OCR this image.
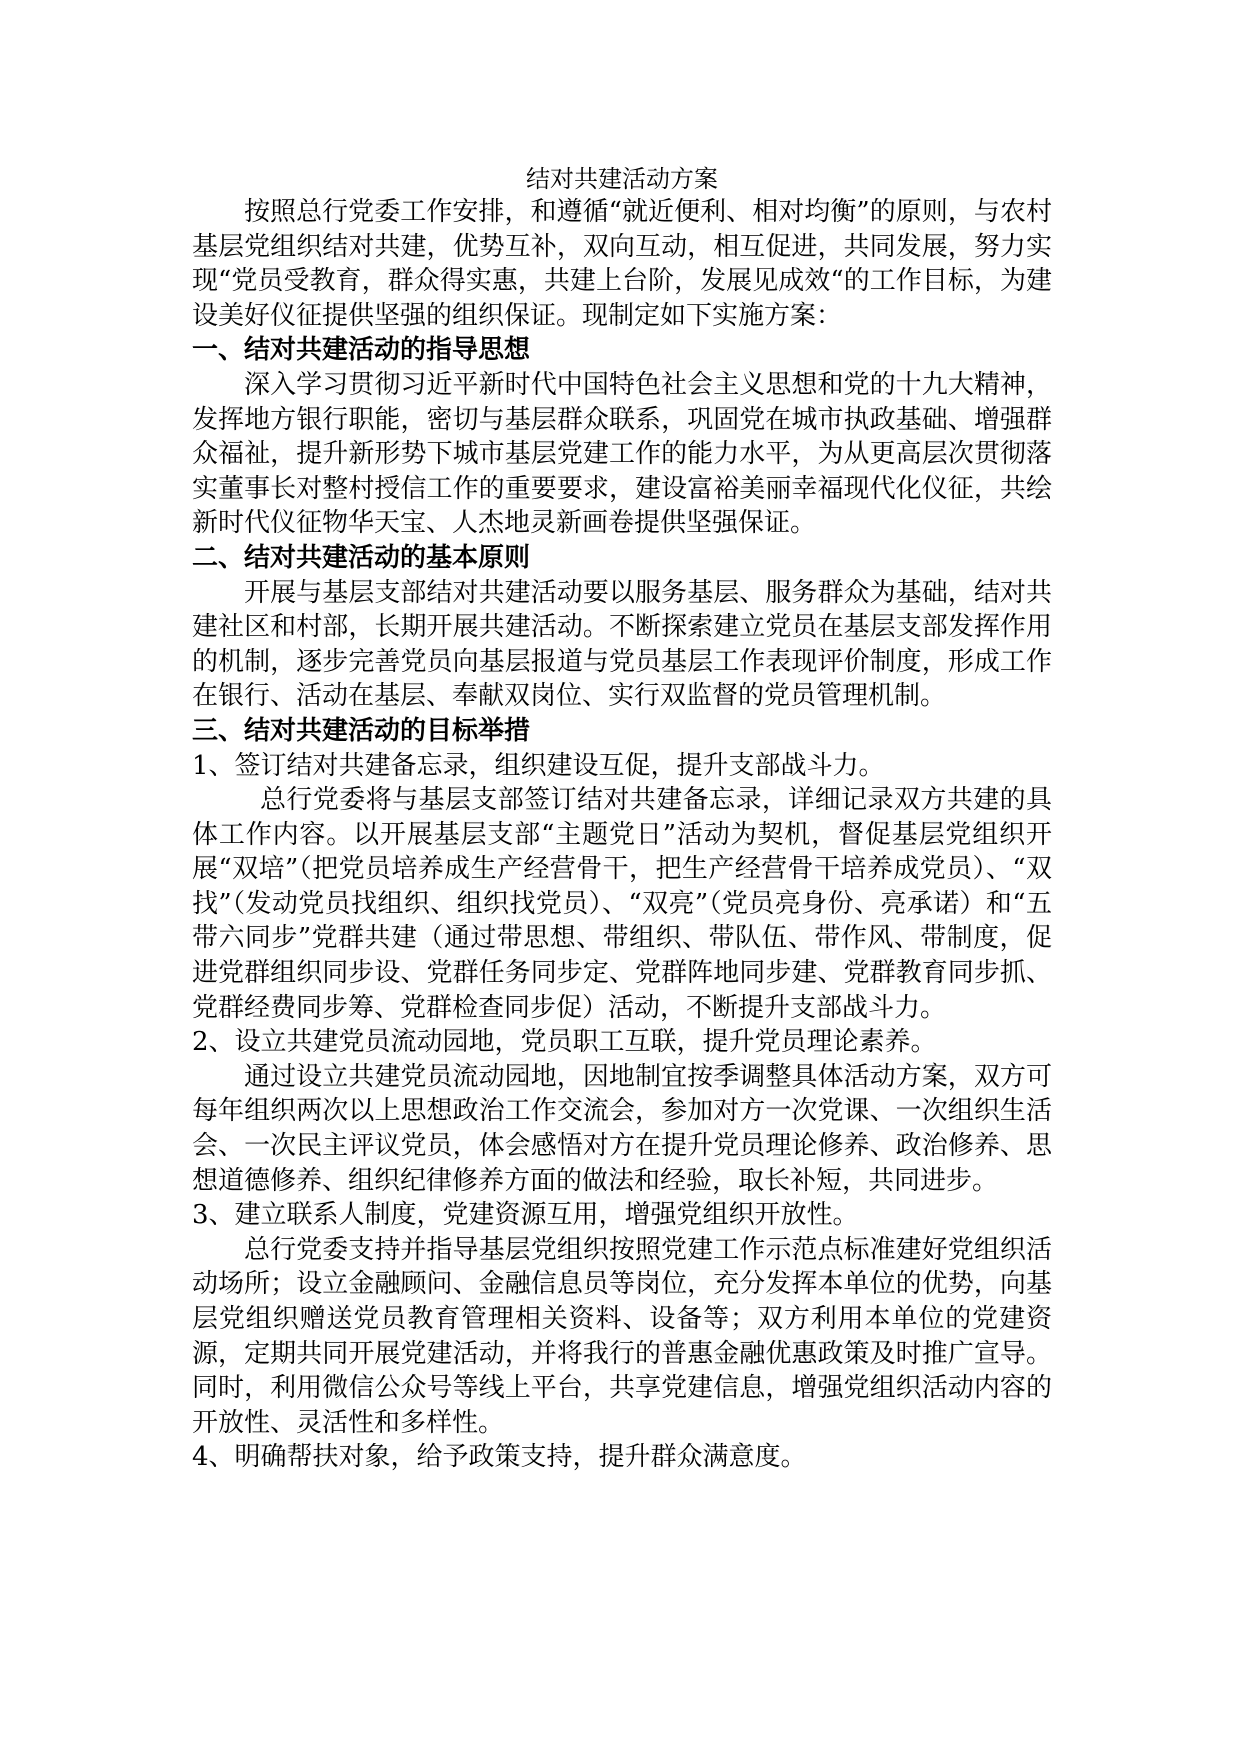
结对共建活动方案

按照总行党委工作安排，和遵循“就近便利、相对均衡”的原则，与农村基层党组织结对共建，优势互补，双向互动，相互促进，共同发展，努力实现“党员受教育，群众得实惠，共建上台阶，发展见成效“的工作目标，为建设美好仪征提供坚强的组织保证。现制定如下实施方案：

一、结对共建活动的指导思想

深入学习贯彻习近平新时代中国特色社会主义思想和党的十九大精神，发挥地方银行职能，密切与基层群众联系，巩固党在城市执政基础、增强群众福祉，提升新形势下城市基层党建工作的能力水平，为从更高层次贯彻落实董事长对整村授信工作的重要要求，建设富裕美丽幸福现代化仪征，共绘新时代仪征物华天宝、人杰地灵新画卷提供坚强保证。

二、结对共建活动的基本原则

开展与基层支部结对共建活动要以服务基层、服务群众为基础，结对共建社区和村部，长期开展共建活动。不断探索建立党员在基层支部发挥作用的机制，逐步完善党员向基层报道与党员基层工作表现评价制度，形成工作在银行、活动在基层、奉献双岗位、实行双监督的党员管理机制。

三、结对共建活动的目标举措

1、签订结对共建备忘录，组织建设互促，提升支部战斗力。

总行党委将与基层支部签订结对共建备忘录，详细记录双方共建的具体工作内容。以开展基层支部“主题党日”活动为契机，督促基层党组织开展“双培”（把党员培养成生产经营骨干，把生产经营骨干培养成党员）、“双找”（发动党员找组织、组织找党员）、“双亮”（党员亮身份、亮承诺）和“五带六同步”党群共建（通过带思想、带组织、带队伍、带作风、带制度，促进党群组织同步设、党群任务同步定、党群阵地同步建、党群教育同步抓、党群经费同步筹、党群检查同步促）活动，不断提升支部战斗力。

2、设立共建党员流动园地，党员职工互联，提升党员理论素养。

通过设立共建党员流动园地，因地制宜按季调整具体活动方案，双方可每年组织两次以上思想政治工作交流会，参加对方一次党课、一次组织生活会、一次民主评议党员，体会感悟对方在提升党员理论修养、政治修养、思想道德修养、组织纪律修养方面的做法和经验，取长补短，共同进步。

3、建立联系人制度，党建资源互用，增强党组织开放性。

总行党委支持并指导基层党组织按照党建工作示范点标准建好党组织活动场所；设立金融顾问、金融信息员等岗位，充分发挥本单位的优势，向基层党组织赠送党员教育管理相关资料、设备等；双方利用本单位的党建资源，定期共同开展党建活动，并将我行的普惠金融优惠政策及时推广宣导。同时，利用微信公众号等线上平台，共享党建信息，增强党组织活动内容的开放性、灵活性和多样性。

4、明确帮扶对象，给予政策支持，提升群众满意度。
